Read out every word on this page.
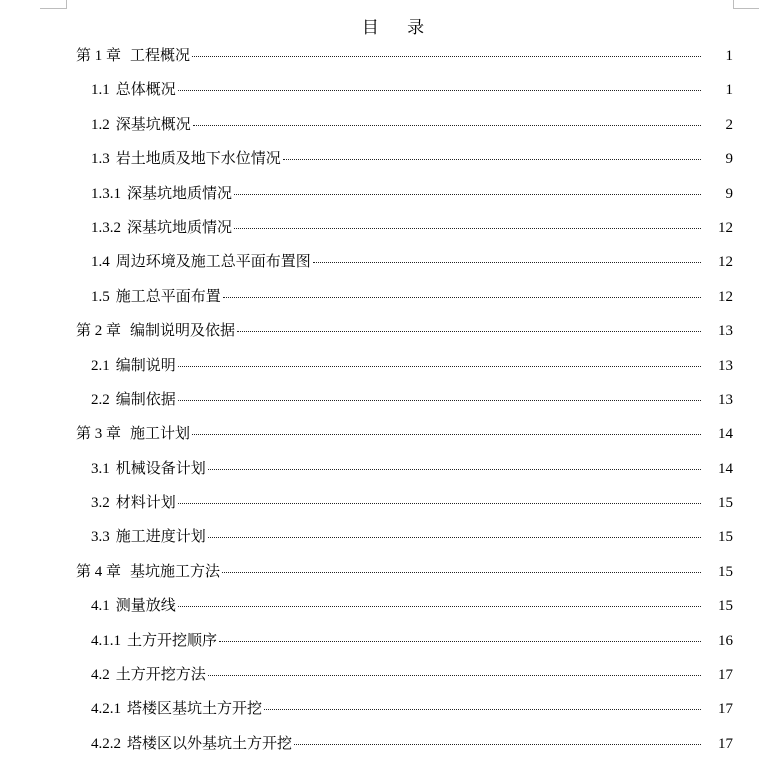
目 录
第 1 章 工程概况	1
1.1 总体概况	1
1.2 深基坑概况	2
1.3 岩土地质及地下水位情况	9
1.3.1 深基坑地质情况	9
1.3.2 深基坑地质情况	12
1.4 周边环境及施工总平面布置图	12
1.5 施工总平面布置	12
第 2 章 编制说明及依据	13
2.1 编制说明	13
2.2 编制依据	13
第 3 章 施工计划	14
3.1 机械设备计划	14
3.2 材料计划	15
3.3 施工进度计划	15
第 4 章 基坑施工方法	15
4.1 测量放线	15
4.1.1 土方开挖顺序	16
4.2 土方开挖方法	17
4.2.1 塔楼区基坑土方开挖	17
4.2.2 塔楼区以外基坑土方开挖	17
